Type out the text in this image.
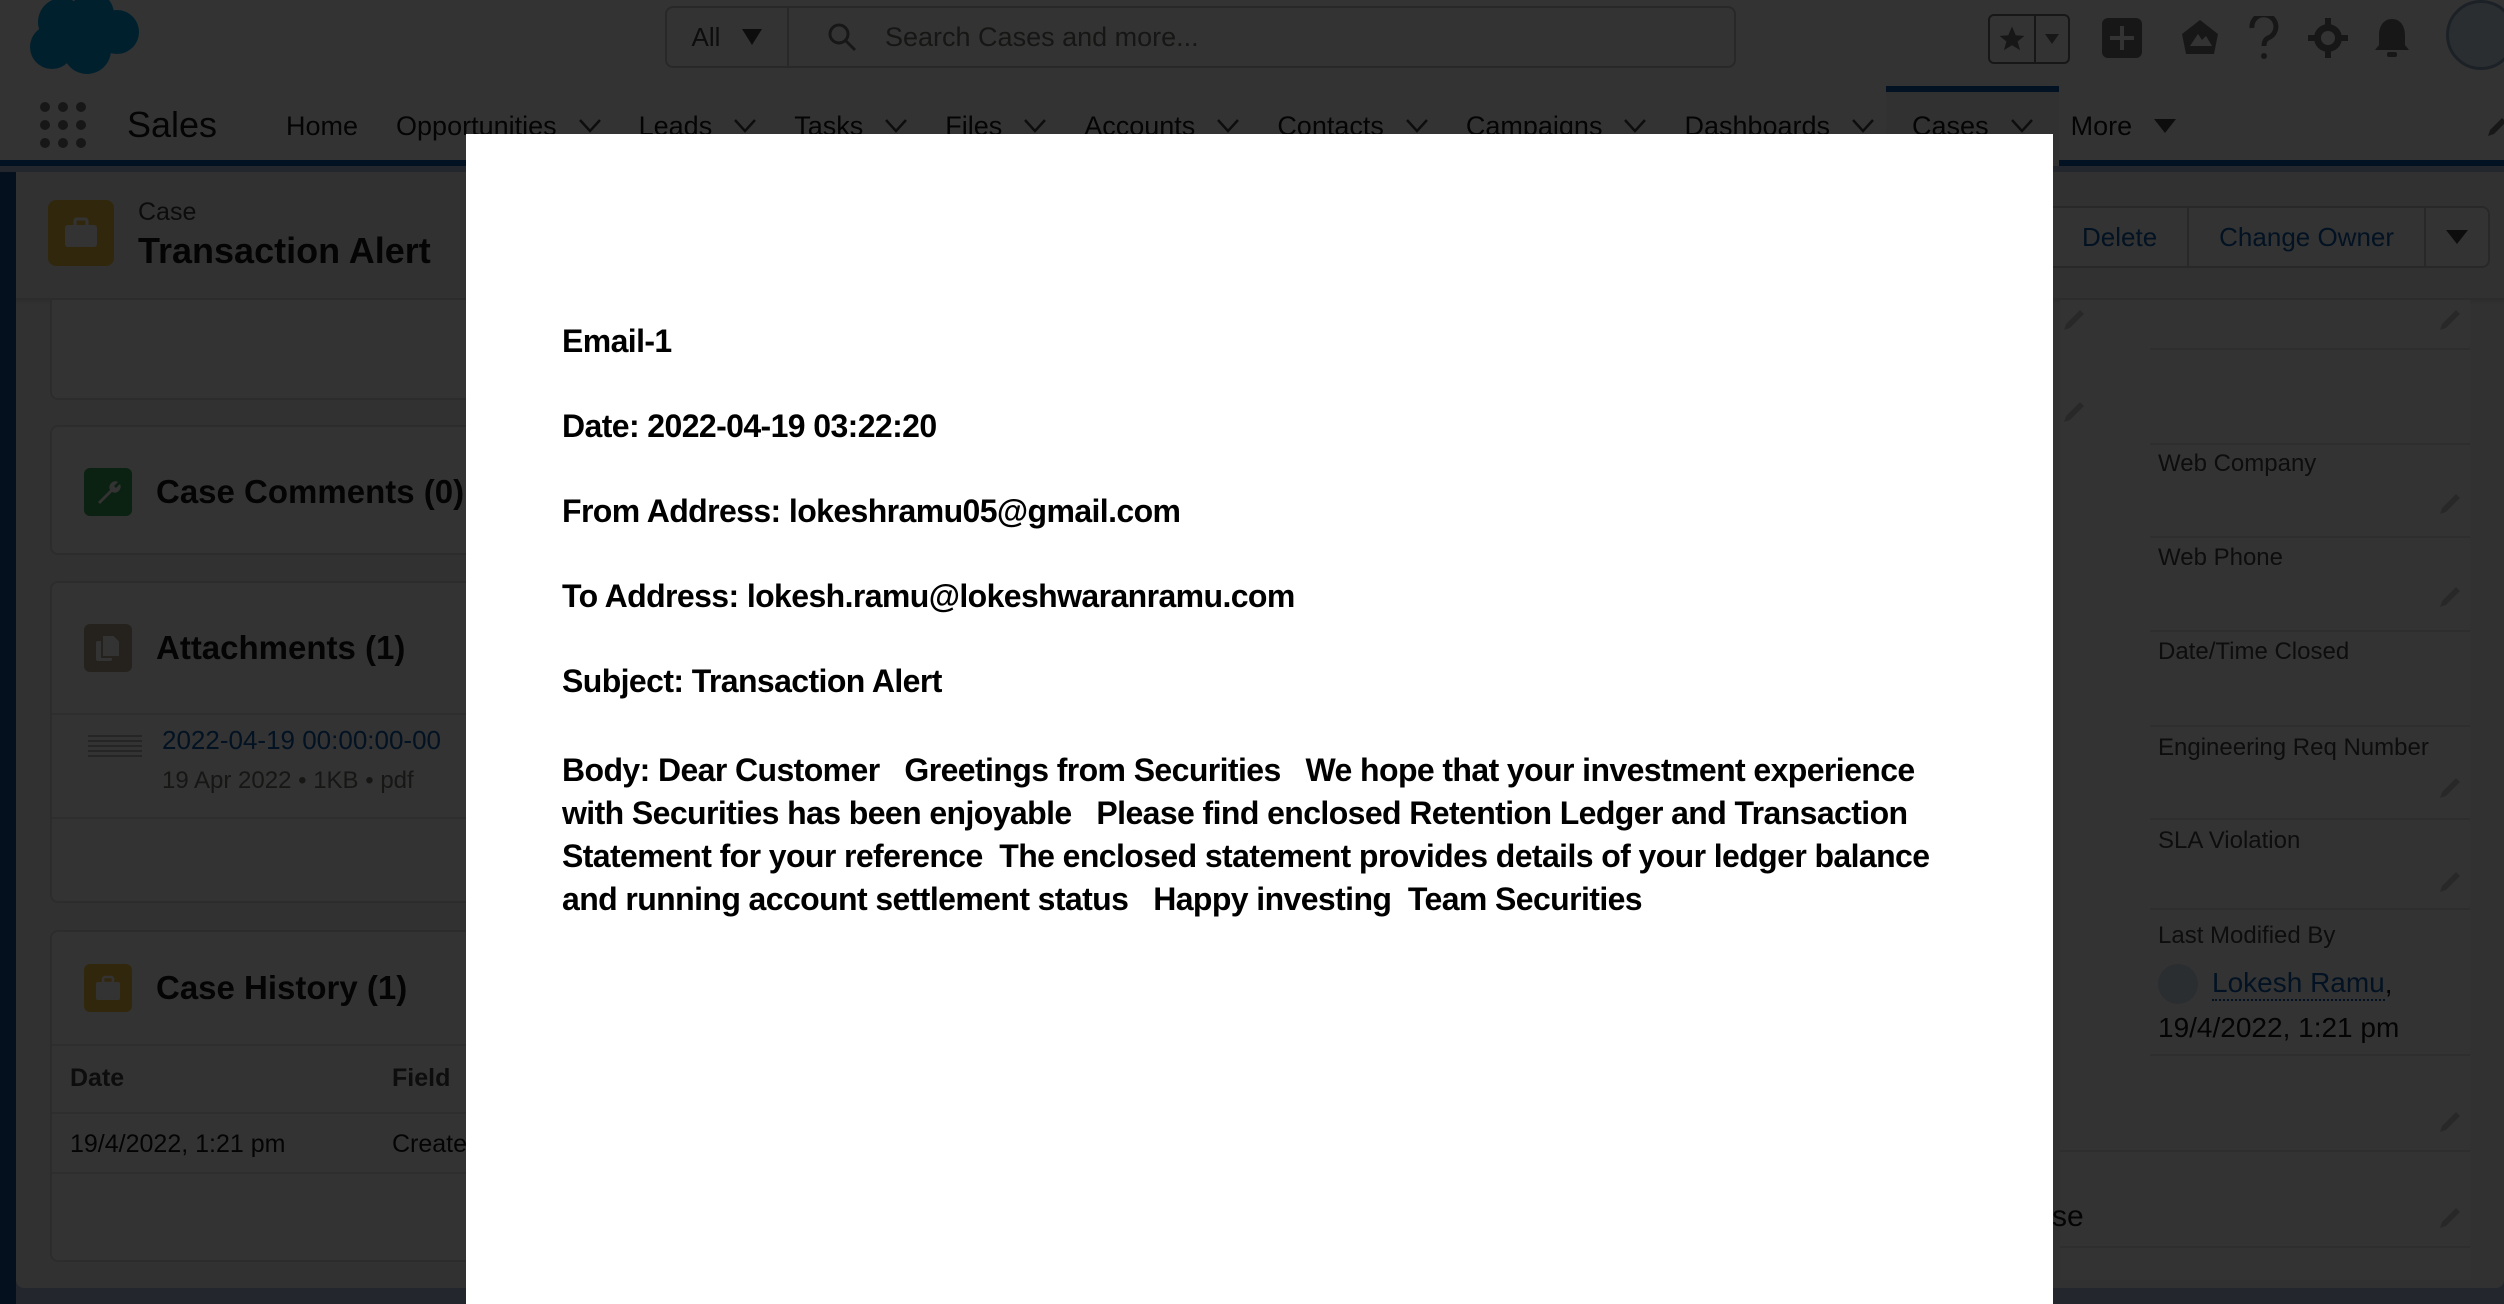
Email-1

Date: 2022-04-19 03:22:20

From Address: lokeshramu05@gmail.com

To Address: lokesh.ramu@lokeshwaranramu.com

Subject: Transaction Alert

Body: Dear Customer   Greetings from Securities   We hope that your investment experience with Securities has been enjoyable   Please find enclosed Retention Ledger and Transaction Statement for your reference  The enclosed statement provides details of your ledger balance and running account settlement status   Happy investing  Team Securities
